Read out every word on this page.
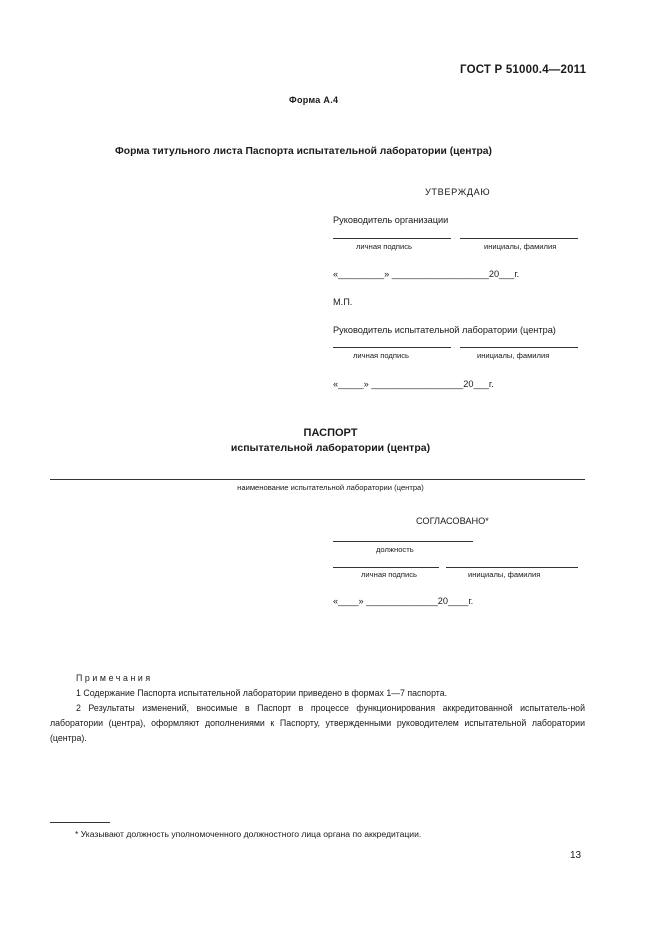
ГОСТ Р 51000.4—2011
Форма А.4
Форма титульного листа Паспорта испытательной лаборатории (центра)
УТВЕРЖДАЮ
Руководитель организации
личная подпись	инициалы, фамилия
«_________» ___________________20___г.
М.П.
Руководитель испытательной лаборатории (центра)
личная подпись	инициалы, фамилия
«_____» __________________20___г.
ПАСПОРТ
испытательной лаборатории (центра)
наименование испытательной лаборатории (центра)
СОГЛАСОВАНО*
должность
личная подпись	инициалы, фамилия
«____» ______________20____г.

Примечания

1 Содержание Паспорта испытательной лаборатории приведено в формах 1—7 паспорта.

2 Результаты изменений, вносимые в Паспорт в процессе функционирования аккредитованной испытатель-ной лаборатории (центра), оформляют дополнениями к Паспорту, утвержденными руководителем испытательной лаборатории (центра).

* Указывают должность уполномоченного должностного лица органа по аккредитации.
13
